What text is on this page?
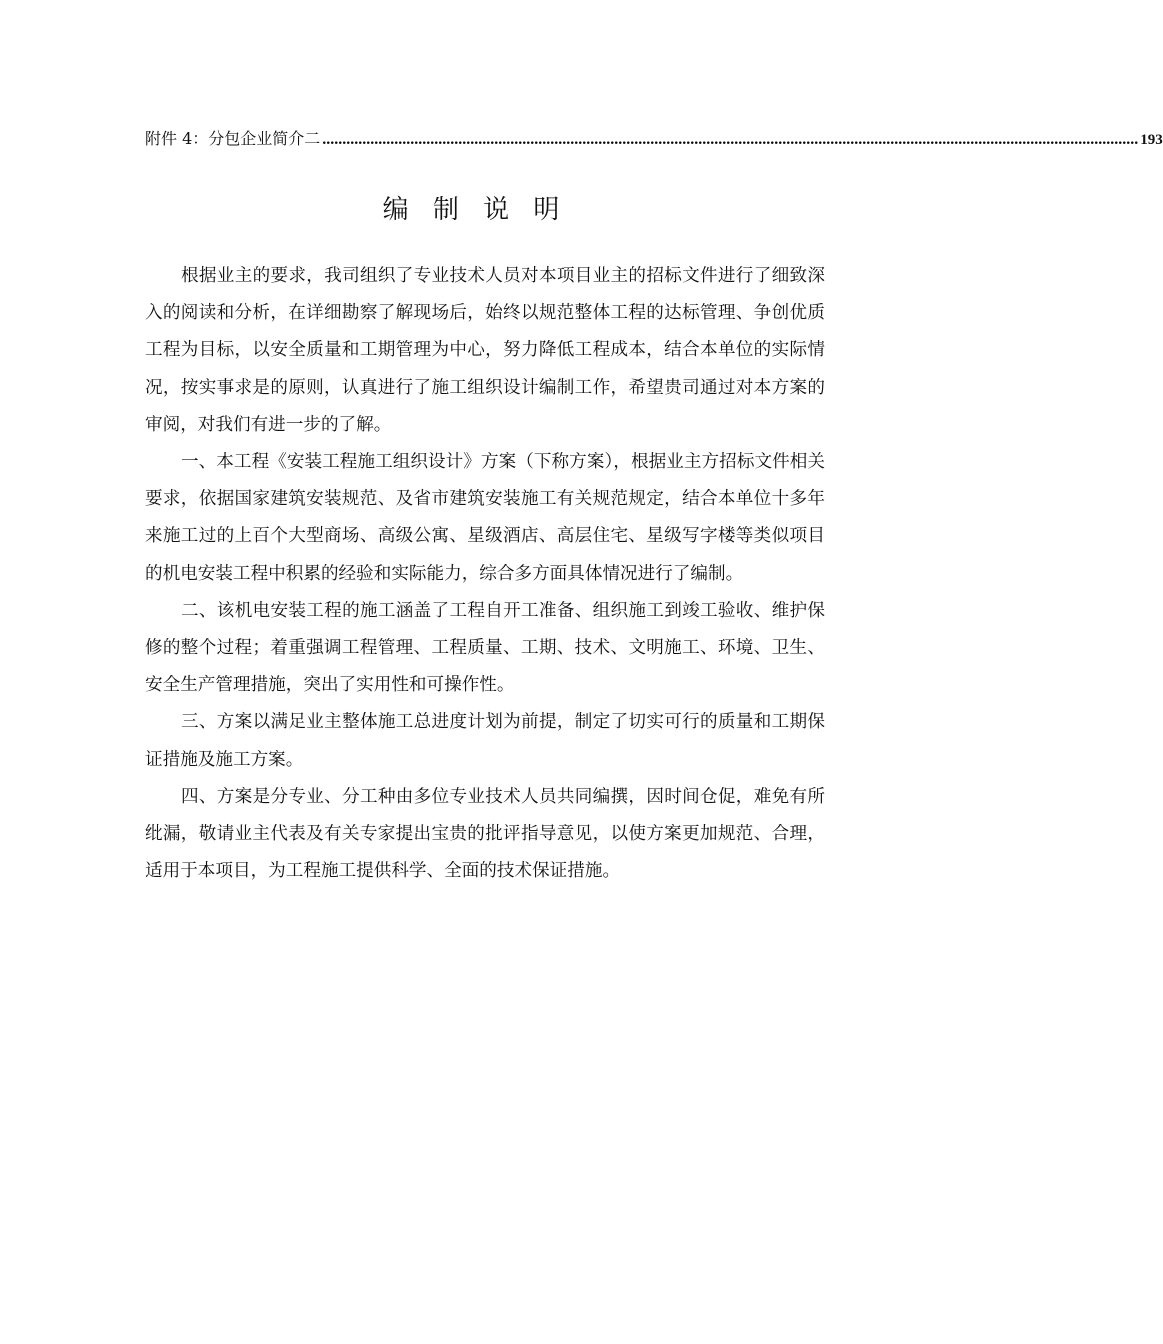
附件 4：分包企业简介二 ............................................................................................................................................................................................................ 193
编 制 说 明

根据业主的要求，我司组织了专业技术人员对本项目业主的招标文件进行了细致深入的阅读和分析，在详细勘察了解现场后，始终以规范整体工程的达标管理、争创优质工程为目标，以安全质量和工期管理为中心，努力降低工程成本，结合本单位的实际情况，按实事求是的原则，认真进行了施工组织设计编制工作，希望贵司通过对本方案的审阅，对我们有进一步的了解。

一、本工程《安装工程施工组织设计》方案（下称方案），根据业主方招标文件相关要求，依据国家建筑安装规范、及省市建筑安装施工有关规范规定，结合本单位十多年来施工过的上百个大型商场、高级公寓、星级酒店、高层住宅、星级写字楼等类似项目的机电安装工程中积累的经验和实际能力，综合多方面具体情况进行了编制。

二、该机电安装工程的施工涵盖了工程自开工准备、组织施工到竣工验收、维护保修的整个过程；着重强调工程管理、工程质量、工期、技术、文明施工、环境、卫生、安全生产管理措施，突出了实用性和可操作性。

三、方案以满足业主整体施工总进度计划为前提，制定了切实可行的质量和工期保证措施及施工方案。

四、方案是分专业、分工种由多位专业技术人员共同编撰，因时间仓促，难免有所纰漏，敬请业主代表及有关专家提出宝贵的批评指导意见，以使方案更加规范、合理，适用于本项目，为工程施工提供科学、全面的技术保证措施。
